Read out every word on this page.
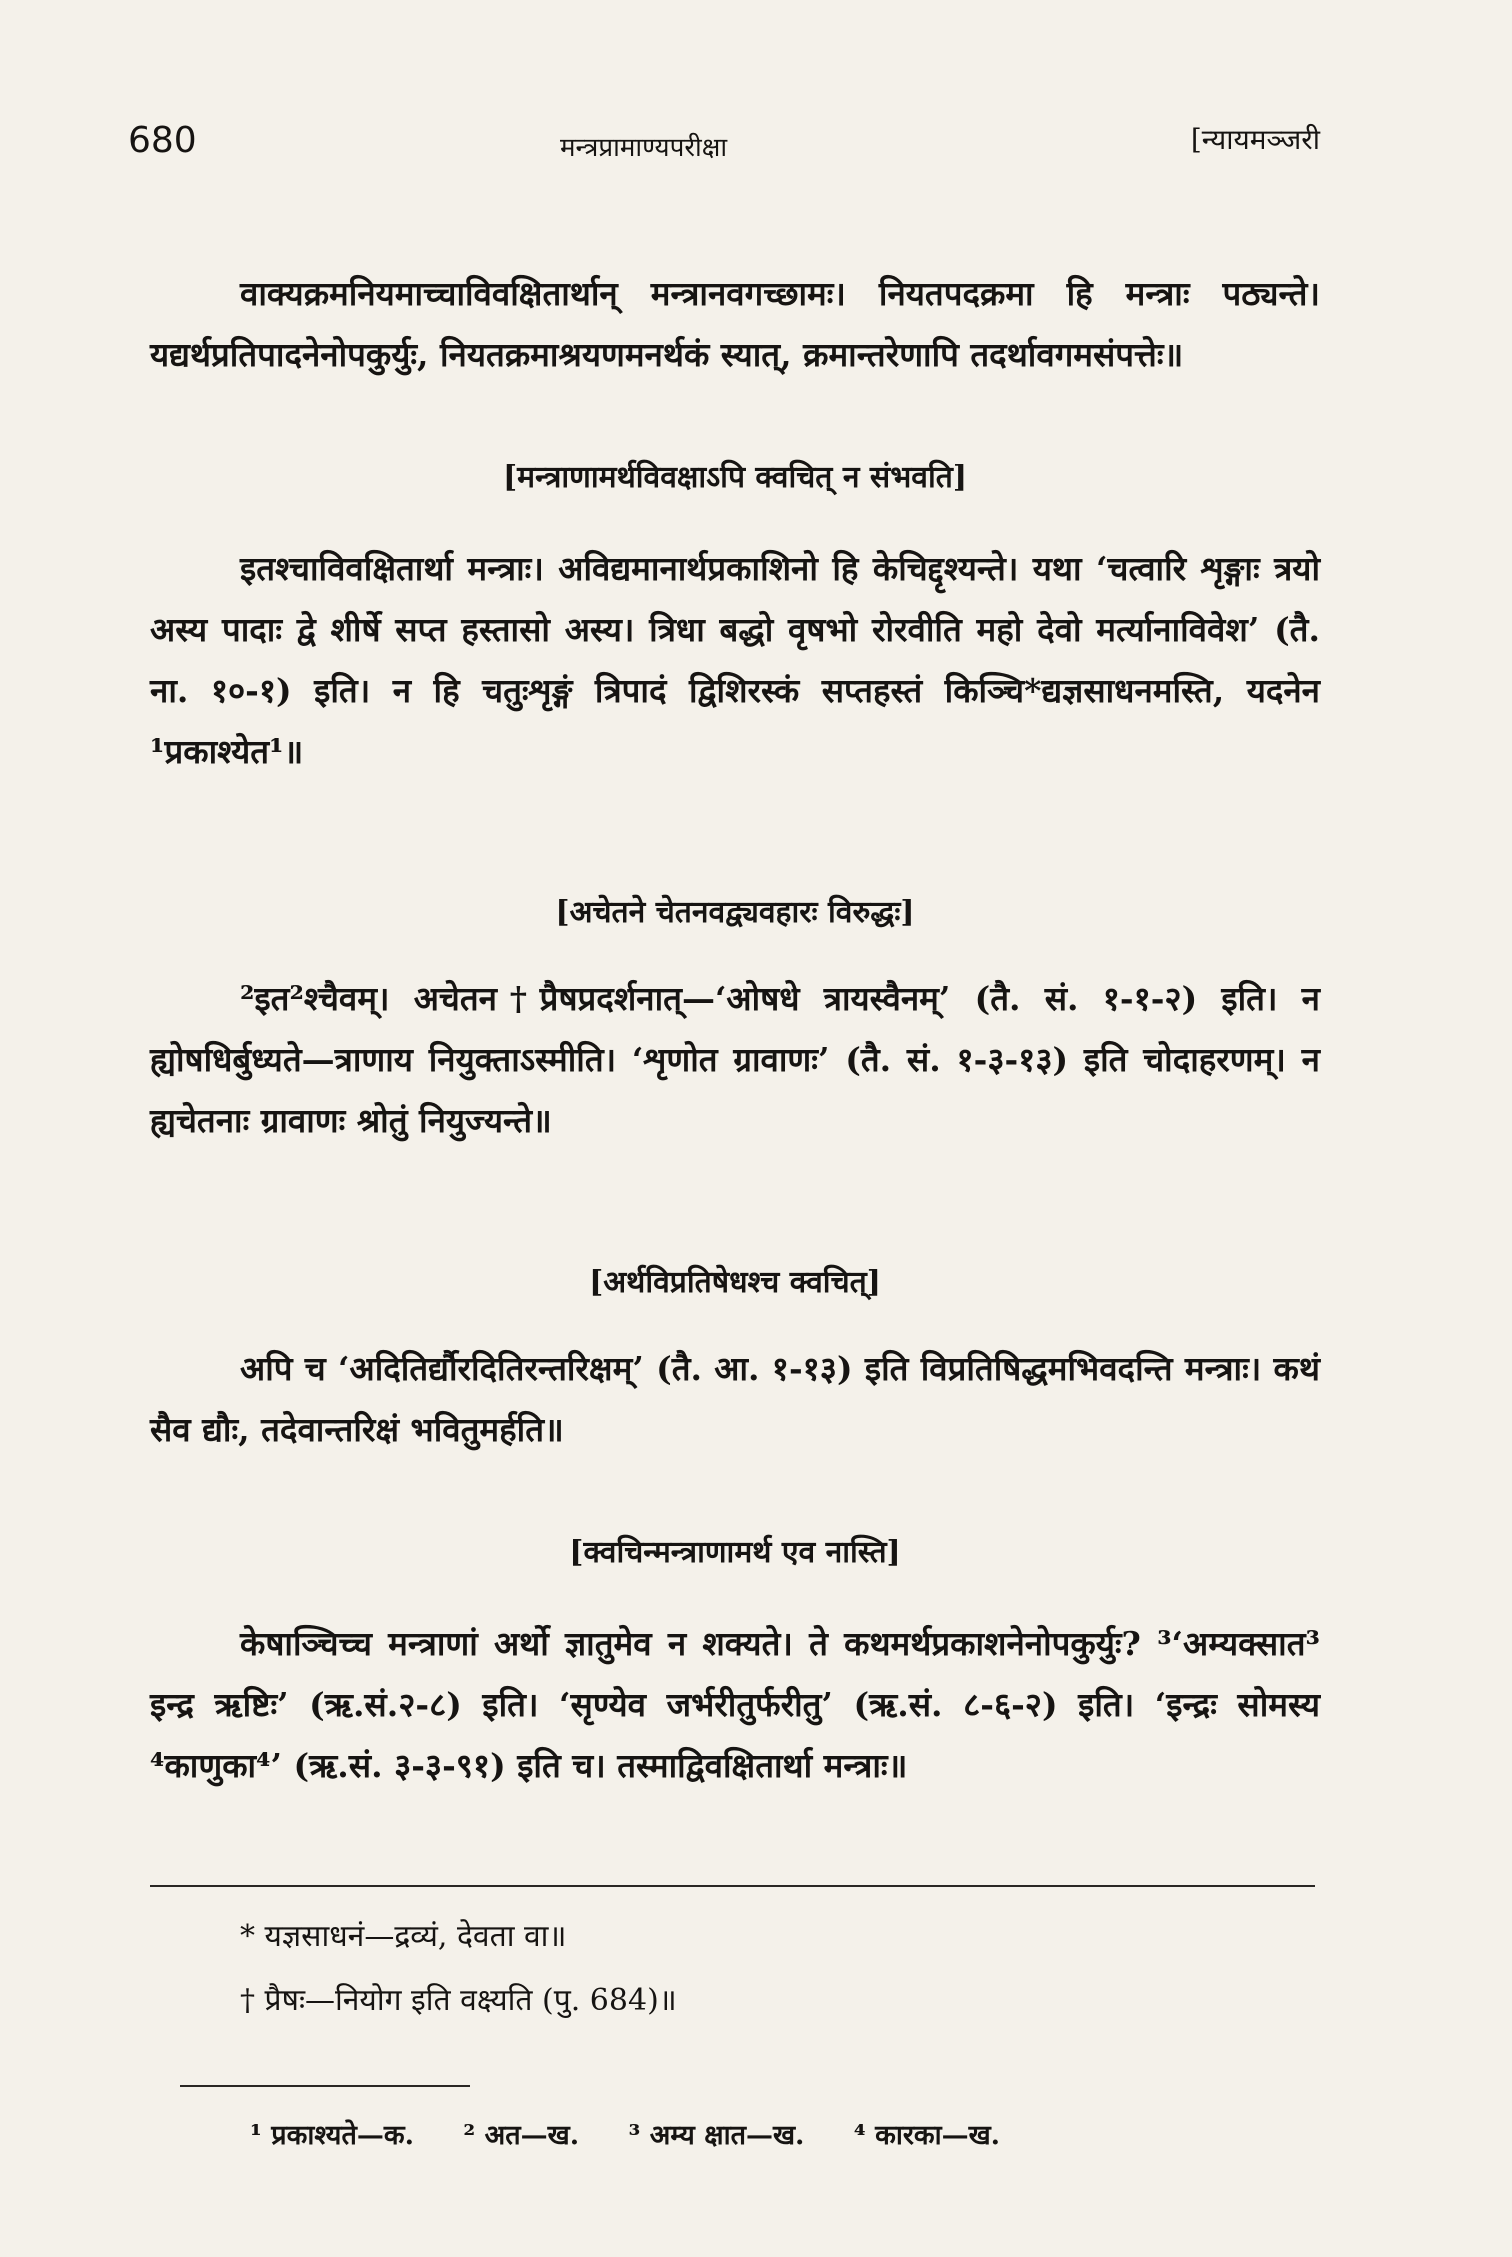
680	मन्त्रप्रामाण्यपरीक्षा	[न्यायमञ्जरी

वाक्यक्रमनियमाच्चाविवक्षितार्थान् मन्त्रानवगच्छामः। नियतपदक्रमा हि मन्त्राः पठ्यन्ते। यद्यर्थप्रतिपादनेनोपकुर्युः, नियतक्रमाश्रयणमनर्थकं स्यात्, क्रमान्तरेणापि तदर्थावगमसंपत्तेः॥

[मन्त्राणामर्थविवक्षाऽपि क्वचित् न संभवति]

इतश्चाविवक्षितार्था मन्त्राः। अविद्यमानार्थप्रकाशिनो हि केचिद्दृश्यन्ते। यथा ‘चत्वारि शृङ्गाः त्रयो अस्य पादाः द्वे शीर्षे सप्त हस्तासो अस्य। त्रिधा बद्धो वृषभो रोरवीति महो देवो मर्त्यानाविवेश’ (तै. ना. १०-१) इति। न हि चतुःशृङ्गं त्रिपादं द्विशिरस्कं सप्तहस्तं किञ्चि*द्यज्ञसाधनमस्ति, यदनेन ¹प्रकाश्येत¹॥

[अचेतने चेतनवद्व्यवहारः विरुद्धः]

²इत²श्चैवम्। अचेतन†प्रैषप्रदर्शनात्—‘ओषधे त्रायस्वैनम्’ (तै. सं. १-१-२) इति। न ह्योषधिर्बुध्यते—त्राणाय नियुक्ताऽस्मीति। ‘शृणोत ग्रावाणः’ (तै. सं. १-३-१३) इति चोदाहरणम्। न ह्यचेतनाः ग्रावाणः श्रोतुं नियुज्यन्ते॥

[अर्थविप्रतिषेधश्च क्वचित्]

अपि च ‘अदितिर्द्यौरदितिरन्तरिक्षम्’ (तै. आ. १-१३) इति विप्रतिषिद्धमभिवदन्ति मन्त्राः। कथं सैव द्यौः, तदेवान्तरिक्षं भवितुमर्हति॥

[क्वचिन्मन्त्राणामर्थ एव नास्ति]

केषाञ्चिच्च मन्त्राणां अर्थो ज्ञातुमेव न शक्यते। ते कथमर्थप्रकाशनेनोपकुर्युः? ³‘अम्यक्सात³ इन्द्र ऋष्टिः’ (ऋ.सं.२-८) इति। ‘सृण्येव जर्भरीतुर्फरीतु’ (ऋ.सं. ८-६-२) इति। ‘इन्द्रः सोमस्य ⁴काणुका⁴’ (ऋ.सं. ३-३-९१) इति च। तस्माद्विवक्षितार्था मन्त्राः॥

* यज्ञसाधनं—द्रव्यं, देवता वा॥
† प्रैषः—नियोग इति वक्ष्यति (पु. 684)॥
¹ प्रकाश्यते—क. ² अत—ख. ³ अम्य क्षात—ख. ⁴ कारका—ख.
